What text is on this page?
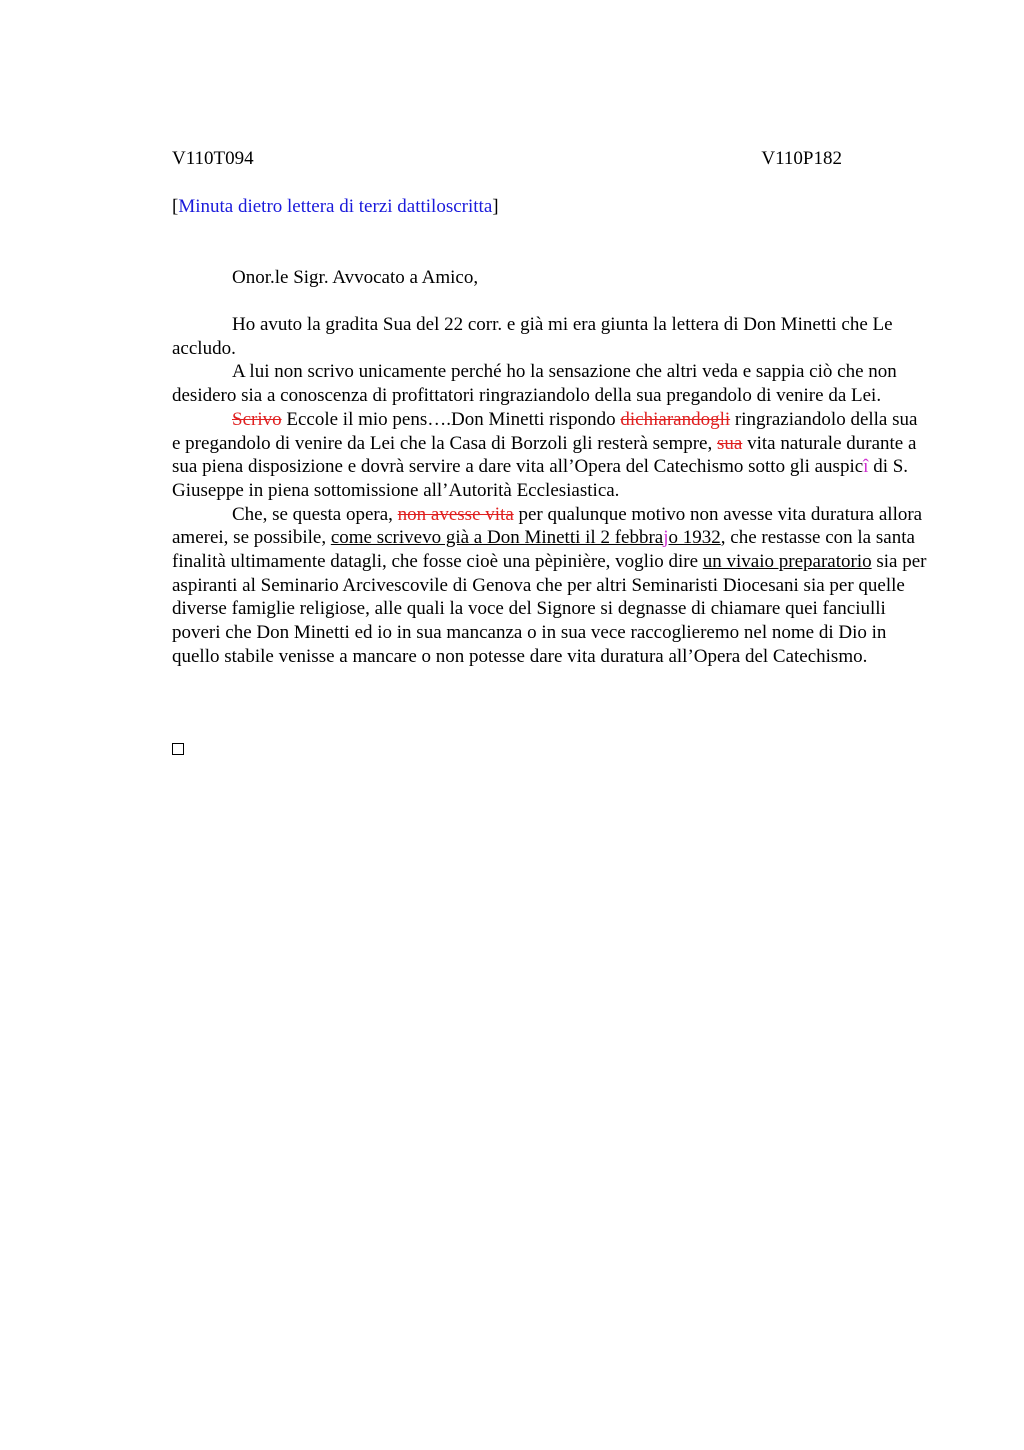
V110T094	V110P182
[Minuta dietro lettera di terzi dattiloscritta]
Onor.le Sigr. Avvocato a Amico,

Ho avuto la gradita Sua del 22 corr. e già mi era giunta la lettera di Don Minetti che Le accludo.

A lui non scrivo unicamente perché ho la sensazione che altri veda e sappia ciò che non desidero sia a conoscenza di profittatori ringraziandolo della sua pregandolo di venire da Lei.

Scrivo Eccole il mio pens….Don Minetti rispondo dichiarandogli ringraziandolo della sua e pregandolo di venire da Lei che la Casa di Borzoli gli resterà sempre, sua vita naturale durante a sua piena disposizione e dovrà servire a dare vita all’Opera del Catechismo sotto gli auspicî di S. Giuseppe in piena sottomissione all’Autorità Ecclesiastica.

Che, se questa opera, non avesse vita per qualunque motivo non avesse vita duratura allora amerei, se possibile, come scrivevo già a Don Minetti il 2 febbrajo 1932, che restasse con la santa finalità ultimamente datagli, che fosse cioè una pèpinière, voglio dire un vivaio preparatorio sia per aspiranti al Seminario Arcivescovile di Genova che per altri Seminaristi Diocesani sia per quelle diverse famiglie religiose, alle quali la voce del Signore si degnasse di chiamare quei fanciulli poveri che Don Minetti ed io in sua mancanza o in sua vece raccoglieremo nel nome di Dio in quello stabile venisse a mancare o non potesse dare vita duratura all’Opera del Catechismo.
